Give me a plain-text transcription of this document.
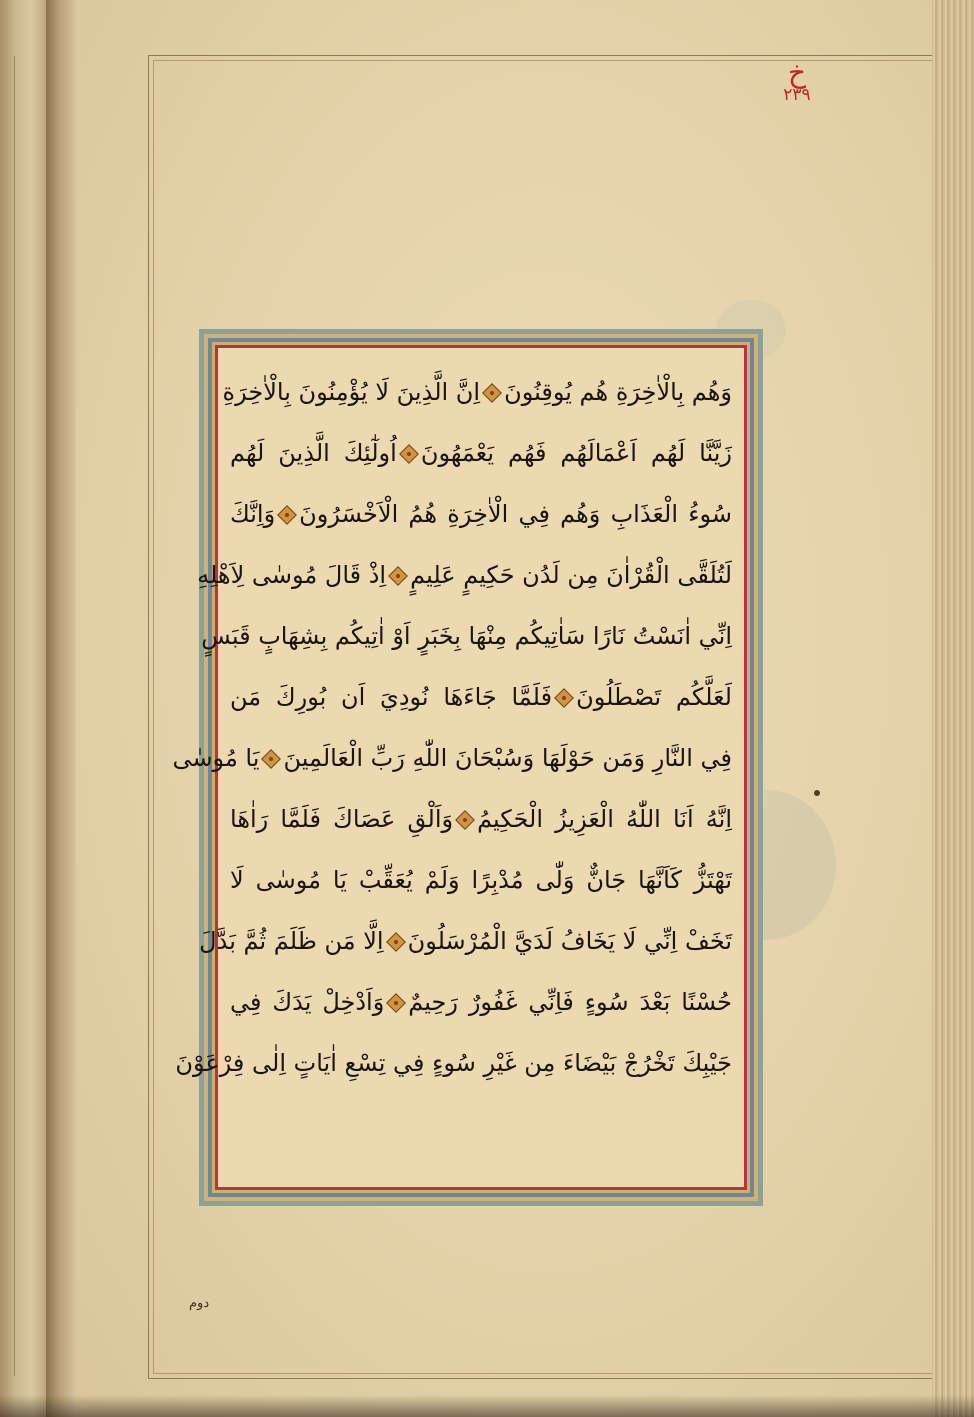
خ
٢٣٩
وَهُم بِالْاٰخِرَةِ هُم يُوقِنُونَاِنَّ الَّذِينَ لَا يُؤْمِنُونَ بِالْاٰخِرَةِ
زَيَّنَّا لَهُم اَعْمَالَهُم فَهُم يَعْمَهُونَاُولٰٓئِكَ الَّذِينَ لَهُم
سُوءُ الْعَذَابِ وَهُم فِي الْاٰخِرَةِ هُمُ الْاَخْسَرُونَوَاِنَّكَ
لَتُلَقَّى الْقُرْاٰنَ مِن لَدُن حَكِيمٍ عَلِيمٍاِذْ قَالَ مُوسٰى لِاَهْلِهِ
اِنِّي اٰنَسْتُ نَارًا سَاٰتِيكُم مِنْهَا بِخَبَرٍ اَوْ اٰتِيكُم بِشِهَابٍ قَبَسٍ
لَعَلَّكُم تَصْطَلُونَفَلَمَّا جَاءَهَا نُودِيَ اَن بُورِكَ مَن
فِي النَّارِ وَمَن حَوْلَهَا وَسُبْحَانَ اللّٰهِ رَبِّ الْعَالَمِينَيَا مُوسٰى
اِنَّهُ اَنَا اللّٰهُ الْعَزِيزُ الْحَكِيمُوَاَلْقِ عَصَاكَ فَلَمَّا رَاٰهَا
تَهْتَزُّ كَاَنَّهَا جَانٌّ وَلّٰى مُدْبِرًا وَلَمْ يُعَقِّبْ يَا مُوسٰى لَا
تَخَفْ اِنِّي لَا يَخَافُ لَدَيَّ الْمُرْسَلُونَاِلَّا مَن ظَلَمَ ثُمَّ بَدَّلَ
حُسْنًا بَعْدَ سُوءٍ فَاِنِّي غَفُورٌ رَحِيمٌوَاَدْخِلْ يَدَكَ فِي
جَيْبِكَ تَخْرُجْ بَيْضَاءَ مِن غَيْرِ سُوءٍ فِي تِسْعِ اٰيَاتٍ اِلٰى فِرْعَوْنَ
دوم
